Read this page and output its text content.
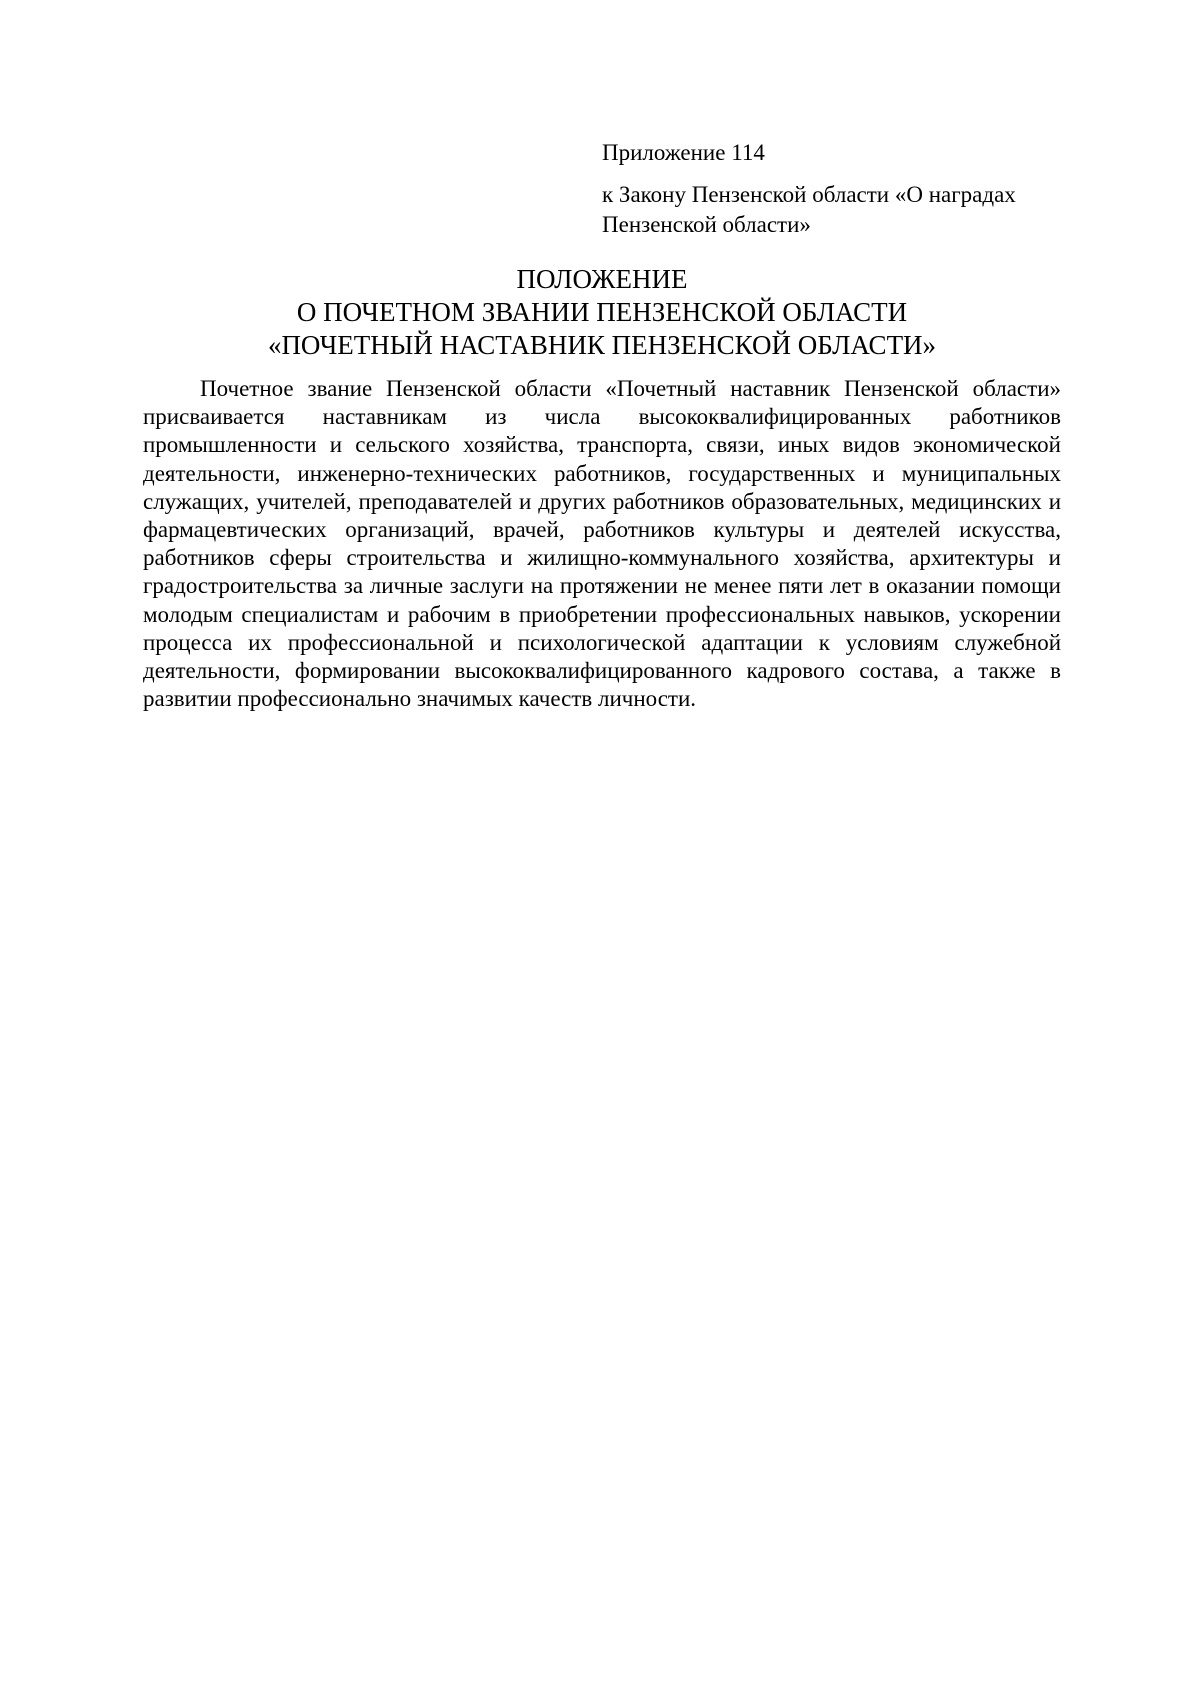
Приложение 114

к Закону Пензенской области «О наградах Пензенской области»

ПОЛОЖЕНИЕ
О ПОЧЕТНОМ ЗВАНИИ ПЕНЗЕНСКОЙ ОБЛАСТИ
«ПОЧЕТНЫЙ НАСТАВНИК ПЕНЗЕНСКОЙ ОБЛАСТИ»

Почетное звание Пензенской области «Почетный наставник Пензенской области» присваивается наставникам из числа высококвалифицированных работников промышленности и сельского хозяйства, транспорта, связи, иных видов экономической деятельности, инженерно-технических работников, государственных и муниципальных служащих, учителей, преподавателей и других работников образовательных, медицинских и фармацевтических организаций, врачей, работников культуры и деятелей искусства, работников сферы строительства и жилищно-коммунального хозяйства, архитектуры и градостроительства за личные заслуги на протяжении не менее пяти лет в оказании помощи молодым специалистам и рабочим в приобретении профессиональных навыков, ускорении процесса их профессиональной и психологической адаптации к условиям служебной деятельности, формировании высококвалифицированного кадрового состава, а также в развитии профессионально значимых качеств личности.
